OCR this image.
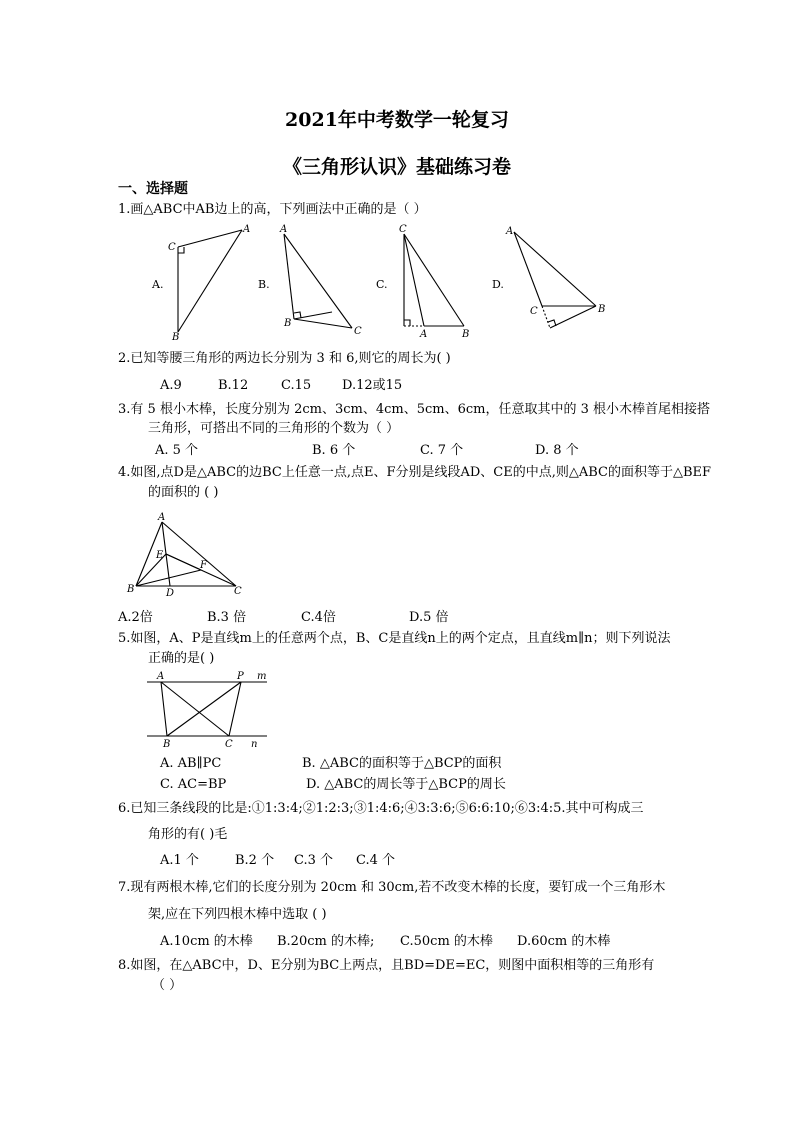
2021年中考数学一轮复习
《三角形认识》基础练习卷
一、选择题
1.画△ABC中AB边上的高，下列画法中正确的是（ ）
A.
A
C
B
B.
A
B
C
C.
C
A	B
D.
A
C	B
2.已知等腰三角形的两边长分别为 3 和 6,则它的周长为( )
A.9	B.12	C.15 D.12或15
3.有 5 根小木棒，长度分别为 2cm、3cm、4cm、5cm、6cm，任意取其中的 3 根小木棒首尾相接搭
三角形，可搭出不同的三角形的个数为（ ）
A. 5 个	B. 6 个	C. 7 个	D. 8 个
4.如图,点D是△ABC的边BC上任意一点,点E、F分别是线段AD、CE的中点,则△ABC的面积等于△BEF
的面积的 ( )
A
E
F
B	D	C
A.2倍	B.3 倍	C.4倍	D.5 倍
5.如图，A、P是直线m上的任意两个点，B、C是直线n上的两个定点，且直线m∥n；则下列说法
正确的是( )
A	P m
B	C n
A. AB∥PC	B. △ABC的面积等于△BCP的面积
C. AC=BP	D. △ABC的周长等于△BCP的周长
6.已知三条线段的比是:①1:3:4;②1:2:3;③1:4:6;④3:3:6;⑤6:6:10;⑥3:4:5.其中可构成三
角形的有( )毛
A.1 个	B.2 个 C.3 个 C.4 个
7.现有两根木棒,它们的长度分别为 20cm 和 30cm,若不改变木棒的长度，要钉成一个三角形木
架,应在下列四根木棒中选取 ( )
A.10cm 的木棒 B.20cm 的木棒; C.50cm 的木棒 D.60cm 的木棒
8.如图，在△ABC中，D、E分别为BC上两点，且BD=DE=EC，则图中面积相等的三角形有
（ ）
